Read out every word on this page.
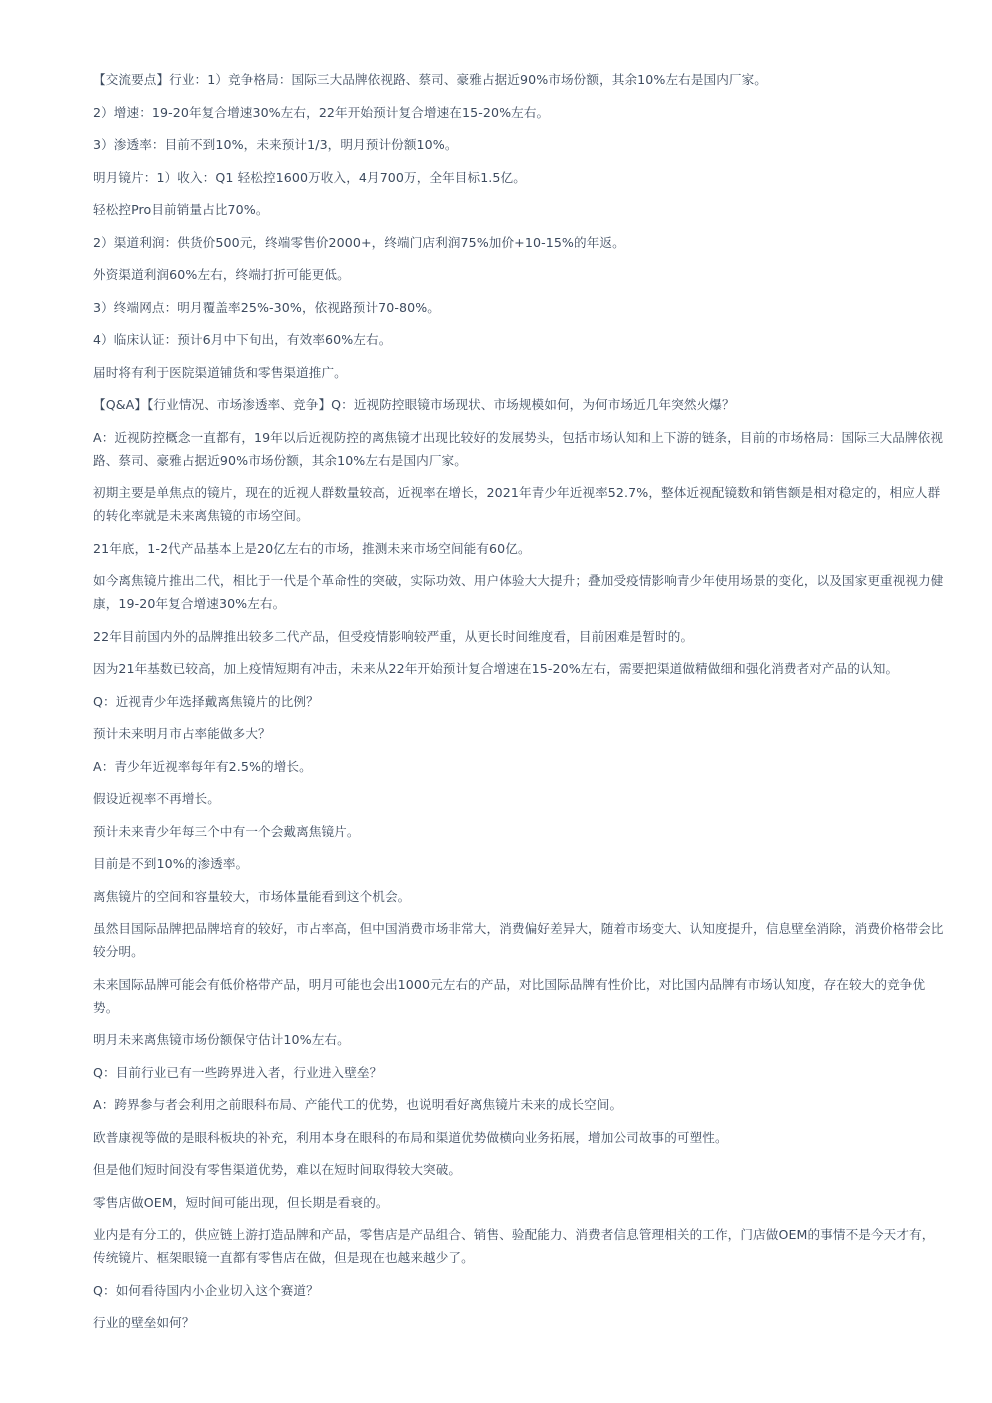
【交流要点】行业：1）竞争格局：国际三大品牌依视路、蔡司、豪雅占据近90%市场份额，其余10%左右是国内厂家。

2）增速：19-20年复合增速30%左右，22年开始预计复合增速在15-20%左右。

3）渗透率：目前不到10%，未来预计1/3，明月预计份额10%。

明月镜片：1）收入：Q1 轻松控1600万收入，4月700万，全年目标1.5亿。

轻松控Pro目前销量占比70%。

2）渠道利润：供货价500元，终端零售价2000+，终端门店利润75%加价+10-15%的年返。

外资渠道利润60%左右，终端打折可能更低。

3）终端网点：明月覆盖率25%-30%，依视路预计70-80%。

4）临床认证：预计6月中下旬出，有效率60%左右。

届时将有利于医院渠道铺货和零售渠道推广。

【Q&A】【行业情况、市场渗透率、竞争】Q：近视防控眼镜市场现状、市场规模如何，为何市场近几年突然火爆？

A：近视防控概念一直都有，19年以后近视防控的离焦镜才出现比较好的发展势头，包括市场认知和上下游的链条，目前的市场格局：国际三大品牌依视路、蔡司、豪雅占据近90%市场份额，其余10%左右是国内厂家。

初期主要是单焦点的镜片，现在的近视人群数量较高，近视率在增长，2021年青少年近视率52.7%，整体近视配镜数和销售额是相对稳定的，相应人群的转化率就是未来离焦镜的市场空间。

21年底，1-2代产品基本上是20亿左右的市场，推测未来市场空间能有60亿。

如今离焦镜片推出二代，相比于一代是个革命性的突破，实际功效、用户体验大大提升；叠加受疫情影响青少年使用场景的变化，以及国家更重视视力健康，19-20年复合增速30%左右。

22年目前国内外的品牌推出较多二代产品，但受疫情影响较严重，从更长时间维度看，目前困难是暂时的。

因为21年基数已较高，加上疫情短期有冲击，未来从22年开始预计复合增速在15-20%左右，需要把渠道做精做细和强化消费者对产品的认知。

Q：近视青少年选择戴离焦镜片的比例？

预计未来明月市占率能做多大？

A：青少年近视率每年有2.5%的增长。

假设近视率不再增长。

预计未来青少年每三个中有一个会戴离焦镜片。

目前是不到10%的渗透率。

离焦镜片的空间和容量较大，市场体量能看到这个机会。

虽然目国际品牌把品牌培育的较好，市占率高，但中国消费市场非常大，消费偏好差异大，随着市场变大、认知度提升，信息壁垒消除，消费价格带会比较分明。

未来国际品牌可能会有低价格带产品，明月可能也会出1000元左右的产品，对比国际品牌有性价比，对比国内品牌有市场认知度，存在较大的竞争优势。

明月未来离焦镜市场份额保守估计10%左右。

Q：目前行业已有一些跨界进入者，行业进入壁垒？

A：跨界参与者会利用之前眼科布局、产能代工的优势，也说明看好离焦镜片未来的成长空间。

欧普康视等做的是眼科板块的补充，利用本身在眼科的布局和渠道优势做横向业务拓展，增加公司故事的可塑性。

但是他们短时间没有零售渠道优势，难以在短时间取得较大突破。

零售店做OEM，短时间可能出现，但长期是看衰的。

业内是有分工的，供应链上游打造品牌和产品，零售店是产品组合、销售、验配能力、消费者信息管理相关的工作，门店做OEM的事情不是今天才有，传统镜片、框架眼镜一直都有零售店在做，但是现在也越来越少了。

Q：如何看待国内小企业切入这个赛道？

行业的壁垒如何？
